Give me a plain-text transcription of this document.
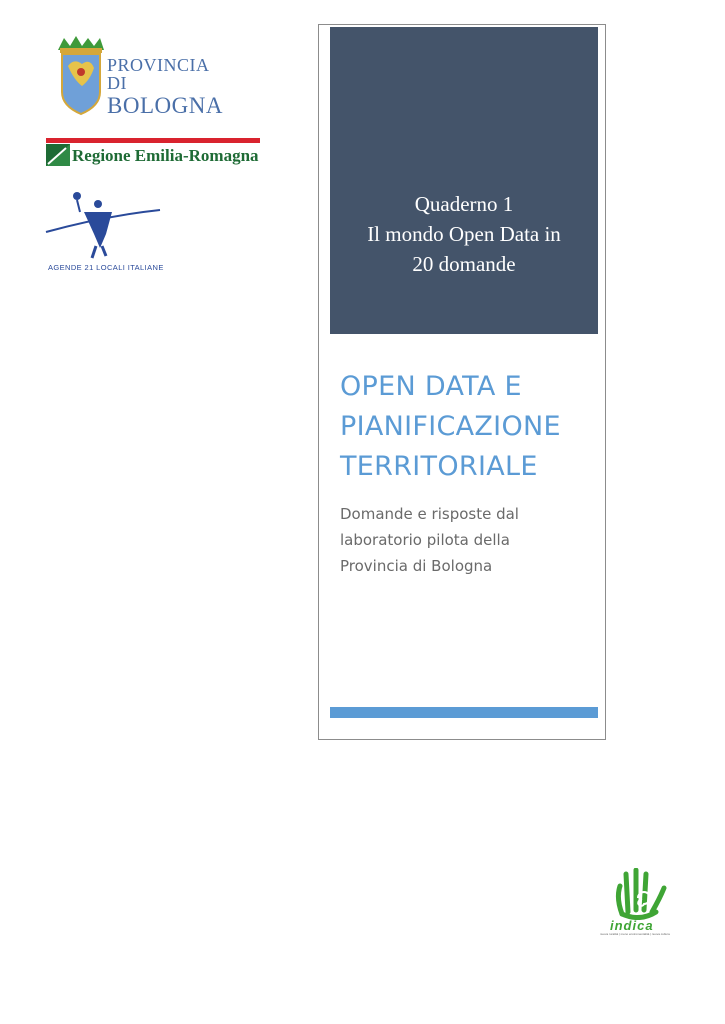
PROVINCIA DI
BOLOGNA
Regione Emilia-Romagna
AGENDE 21 LOCALI ITALIANE
Quaderno 1
Il mondo Open Data in
20 domande
OPEN DATA E
PIANIFICAZIONE
TERRITORIALE
Domande e risposte dal
laboratorio pilota della
Provincia di Bologna
indica
nuova ruralità | meno enviromentalità | nuova cultura
